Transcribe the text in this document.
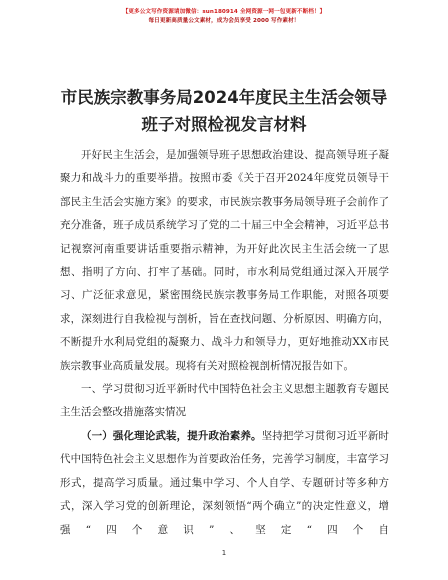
【更多公文写作资源请加微信：sun180914 全网资源一网一包更新不断档！】
每日更新高质量公文素材，成为会员享受 2000 写作素材！
市民族宗教事务局2024年度民主生活会领导班子对照检视发言材料

开好民主生活会，是加强领导班子思想政治建设、提高领导班子凝聚力和战斗力的重要举措。按照市委《关于召开2024年度党员领导干部民主生活会实施方案》的要求，市民族宗教事务局领导班子会前作了充分准备，班子成员系统学习了党的二十届三中全会精神，习近平总书记视察河南重要讲话重要指示精神，为开好此次民主生活会统一了思想、指明了方向、打牢了基础。同时，市水利局党组通过深入开展学习、广泛征求意见，紧密围绕民族宗教事务局工作职能，对照各项要求，深刻进行自我检视与剖析，旨在查找问题、分析原因、明确方向，不断提升水利局党组的凝聚力、战斗力和领导力，更好地推动XX市民族宗教事业高质量发展。现将有关对照检视剖析情况报告如下。

一、学习贯彻习近平新时代中国特色社会主义思想主题教育专题民主生活会整改措施落实情况

（一）强化理论武装，提升政治素养。坚持把学习贯彻习近平新时代中国特色社会主义思想作为首要政治任务，完善学习制度，丰富学习形式，提高学习质量。通过集中学习、个人自学、专题研讨等多种方式，深入学习党的创新理论，深刻领悟“两个确立”的决定性意义，增强“四个意识”、坚定“四个自

1
